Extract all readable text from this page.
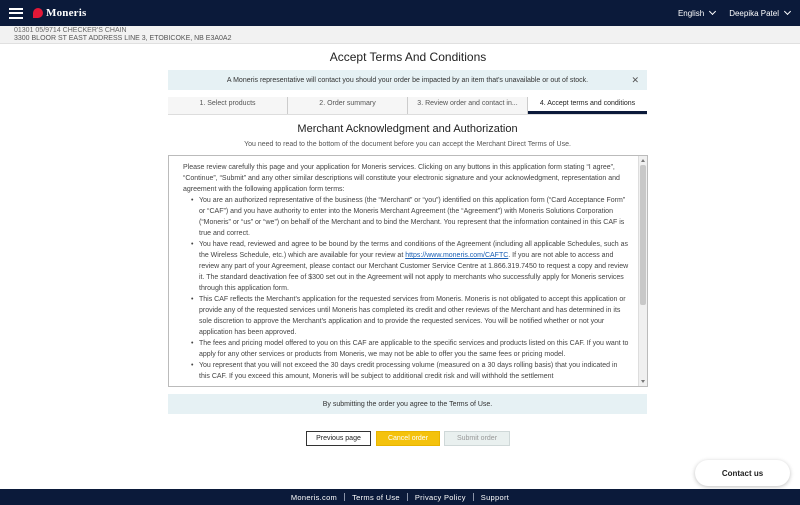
Moneris	English	Deepika Patel
01301 05/9714 CHECKER'S CHAIN
3300 BLOOR ST EAST ADDRESS LINE 3, ETOBICOKE, NB E3A0A2
Accept Terms And Conditions
A Moneris representative will contact you should your order be impacted by an item that's unavailable or out of stock.	✕
1. Select products	2. Order summary	3. Review order and contact in...	4. Accept terms and conditions
Merchant Acknowledgment and Authorization
You need to read to the bottom of the document before you can accept the Merchant Direct Terms of Use.

Please review carefully this page and your application for Moneris services. Clicking on any buttons in this application form stating “I agree”, “Continue”, “Submit” and any other similar descriptions will constitute your electronic signature and your acknowledgment, representation and agreement with the following application form terms:

• You are an authorized representative of the business (the “Merchant” or “you”) identified on this application form (“Card Acceptance Form” or “CAF”) and you have authority to enter into the Moneris Merchant Agreement (the “Agreement”) with Moneris Solutions Corporation (“Moneris” or “us” or “we”) on behalf of the Merchant and to bind the Merchant. You represent that the information contained in this CAF is true and correct.
• You have read, reviewed and agree to be bound by the terms and conditions of the Agreement (including all applicable Schedules, such as the Wireless Schedule, etc.) which are available for your review at https://www.moneris.com/CAFTC. If you are not able to access and review any part of your Agreement, please contact our Merchant Customer Service Centre at 1.866.319.7450 to request a copy and review it. The standard deactivation fee of $300 set out in the Agreement will not apply to merchants who successfully apply for Moneris services through this application form.
• This CAF reflects the Merchant's application for the requested services from Moneris. Moneris is not obligated to accept this application or provide any of the requested services until Moneris has completed its credit and other reviews of the Merchant and has determined in its sole discretion to approve the Merchant's application and to provide the requested services. You will be notified whether or not your application has been approved.
• The fees and pricing model offered to you on this CAF are applicable to the specific services and products listed on this CAF. If you want to apply for any other services or products from Moneris, we may not be able to offer you the same fees or pricing model.
• You represent that you will not exceed the 30 days credit processing volume (measured on a 30 days rolling basis) that you indicated in this CAF. If you exceed this amount, Moneris will be subject to additional credit risk and will withhold the settlement
By submitting the order you agree to the Terms of Use.
Previous page	Cancel order	Submit order
Contact us
Moneris.com	Terms of Use	Privacy Policy	Support
